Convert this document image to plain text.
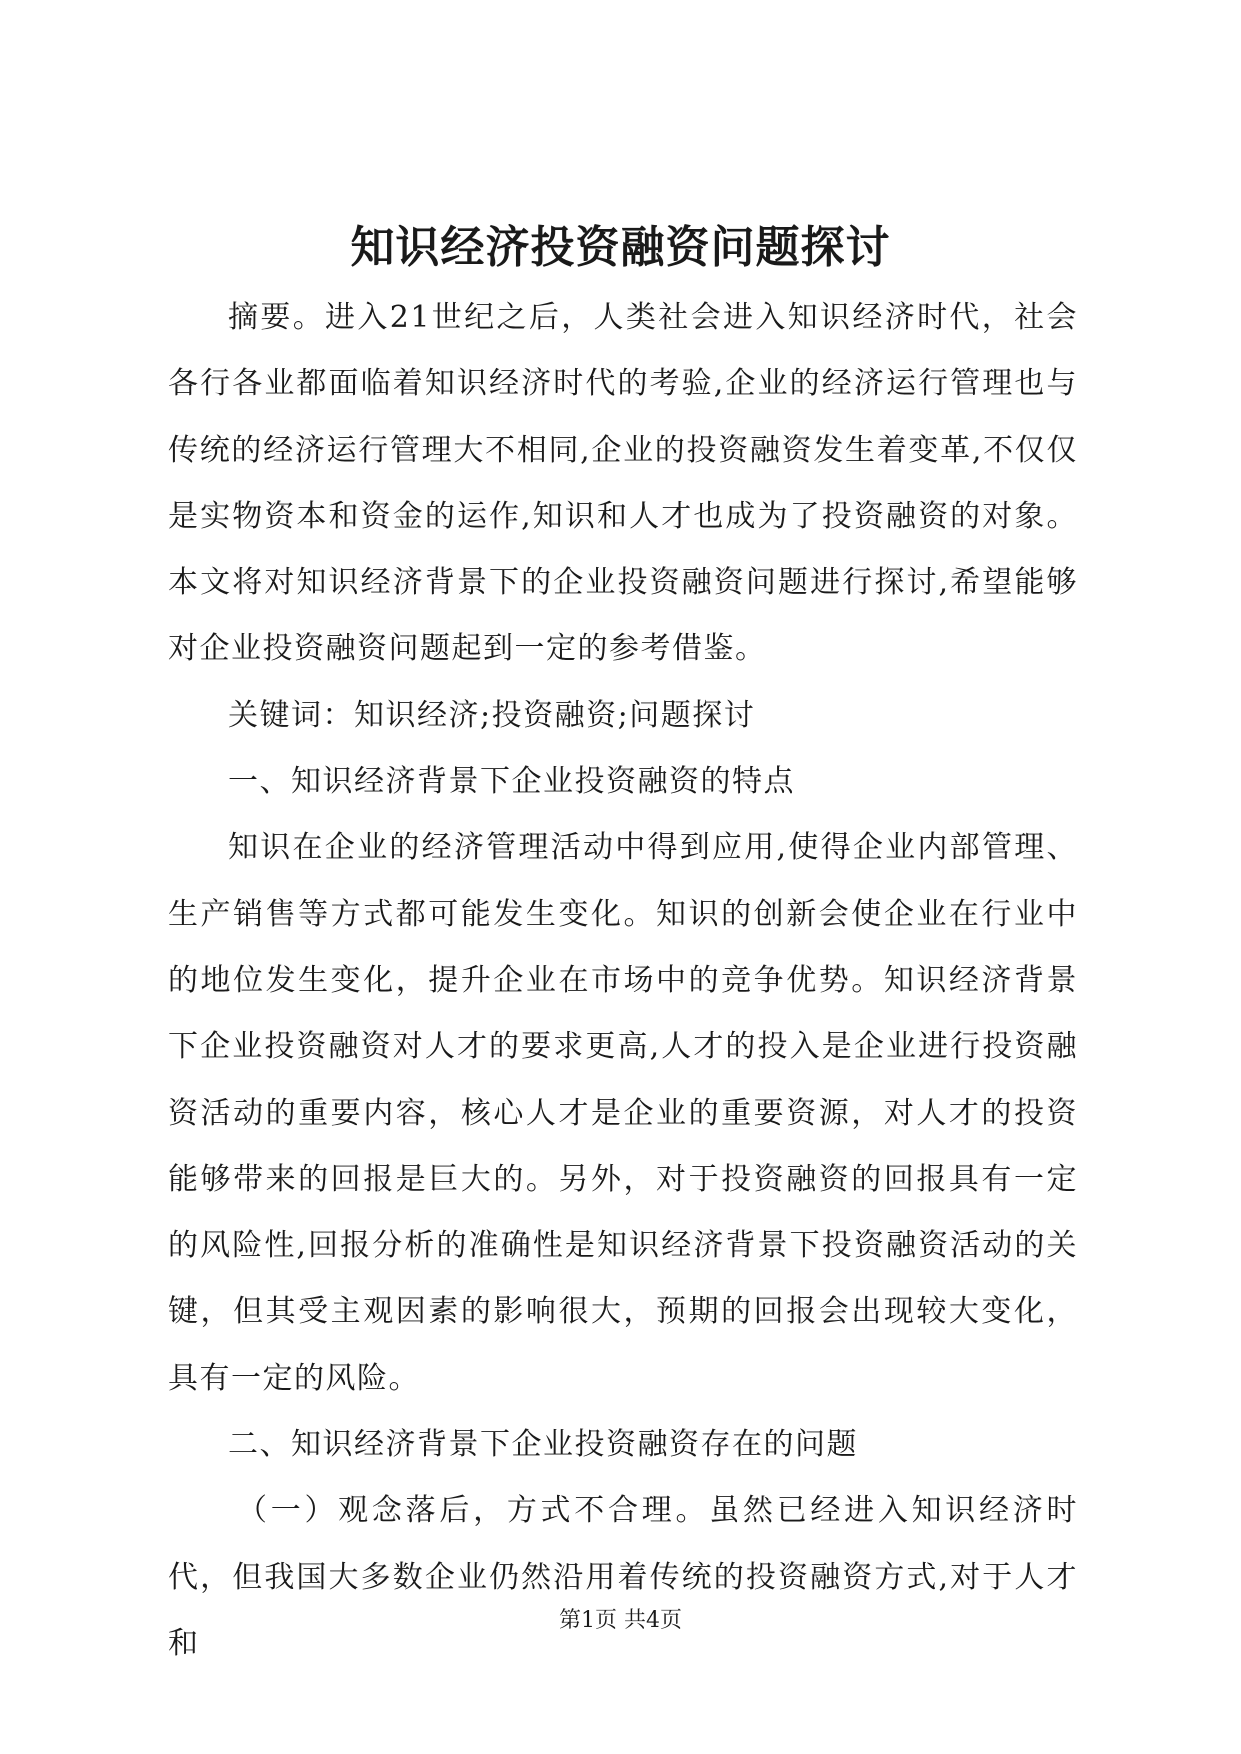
知识经济投资融资问题探讨

摘要。进入21世纪之后，人类社会进入知识经济时代，社会各行各业都面临着知识经济时代的考验,企业的经济运行管理也与传统的经济运行管理大不相同,企业的投资融资发生着变革,不仅仅是实物资本和资金的运作,知识和人才也成为了投资融资的对象。本文将对知识经济背景下的企业投资融资问题进行探讨,希望能够对企业投资融资问题起到一定的参考借鉴。

关键词：知识经济;投资融资;问题探讨

一、知识经济背景下企业投资融资的特点

知识在企业的经济管理活动中得到应用,使得企业内部管理、生产销售等方式都可能发生变化。知识的创新会使企业在行业中的地位发生变化，提升企业在市场中的竞争优势。知识经济背景下企业投资融资对人才的要求更高,人才的投入是企业进行投资融资活动的重要内容，核心人才是企业的重要资源，对人才的投资能够带来的回报是巨大的。另外，对于投资融资的回报具有一定的风险性,回报分析的准确性是知识经济背景下投资融资活动的关键，但其受主观因素的影响很大，预期的回报会出现较大变化，具有一定的风险。

二、知识经济背景下企业投资融资存在的问题

（一）观念落后，方式不合理。虽然已经进入知识经济时代，但我国大多数企业仍然沿用着传统的投资融资方式,对于人才和

第1页 共4页
